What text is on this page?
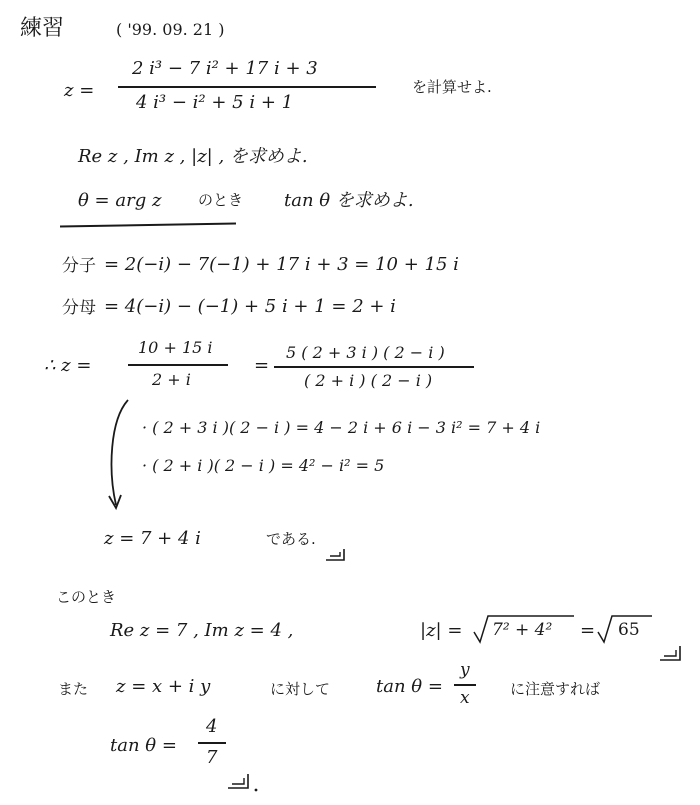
練習	( '99. 09. 21 )
z =
2 i³ − 7 i² + 17 i + 3
4 i³ − i² + 5 i + 1
を計算せよ.
Re z , Im z , |z| , を求めよ.
θ = arg z のとき tan θ を求めよ.
分子 = 2(−i) − 7(−1) + 17 i + 3 = 10 + 15 i
分母 = 4(−i) − (−1) + 5 i + 1 = 2 + i
∴ z =
10 + 15 i
2 + i
=
5 ( 2 + 3 i ) ( 2 − i )
( 2 + i ) ( 2 − i )
· ( 2 + 3 i )( 2 − i ) = 4 − 2 i + 6 i − 3 i² = 7 + 4 i
· ( 2 + i )( 2 − i ) = 4² − i² = 5
z = 7 + 4 i	である.
このとき
Re z = 7 , Im z = 4 ,	|z| = 7² + 4² = 65
また z = x + i y	に対して	tan θ =
y
x	に注意すれば
tan θ =
4
7
